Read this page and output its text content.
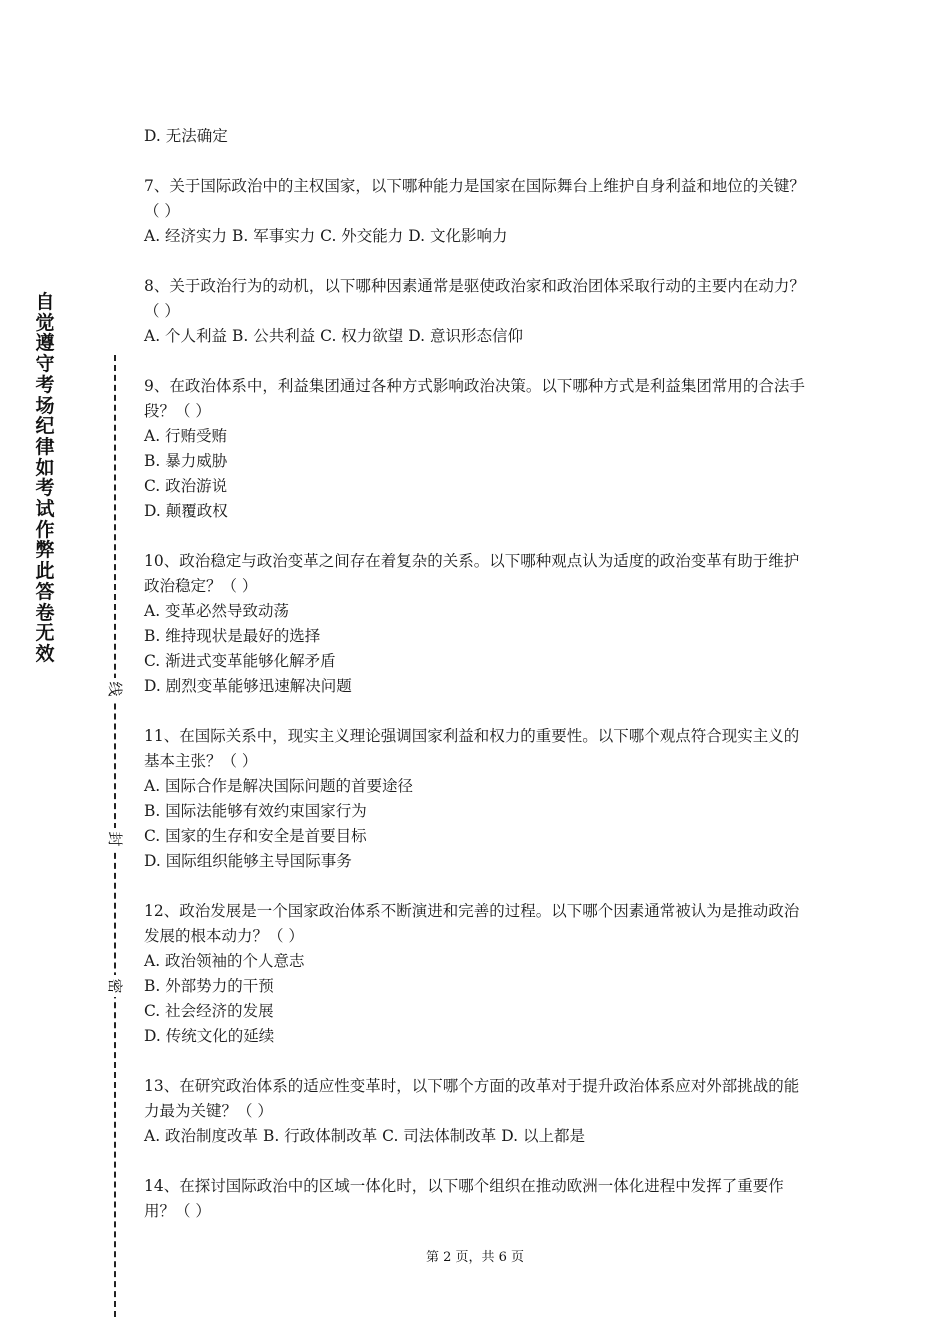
自觉遵守考场纪律如考试作弊此答卷无效
线
封
密
D. 无法确定

7、关于国际政治中的主权国家，以下哪种能力是国家在国际舞台上维护自身利益和地位的关键？（ ）

A. 经济实力 B. 军事实力 C. 外交能力 D. 文化影响力

8、关于政治行为的动机，以下哪种因素通常是驱使政治家和政治团体采取行动的主要内在动力？（ ）

A. 个人利益 B. 公共利益 C. 权力欲望 D. 意识形态信仰

9、在政治体系中，利益集团通过各种方式影响政治决策。以下哪种方式是利益集团常用的合法手段？（ ）

A. 行贿受贿
B. 暴力威胁
C. 政治游说
D. 颠覆政权

10、政治稳定与政治变革之间存在着复杂的关系。以下哪种观点认为适度的政治变革有助于维护政治稳定？（ ）

A. 变革必然导致动荡
B. 维持现状是最好的选择
C. 渐进式变革能够化解矛盾
D. 剧烈变革能够迅速解决问题

11、在国际关系中，现实主义理论强调国家利益和权力的重要性。以下哪个观点符合现实主义的基本主张？（ ）

A. 国际合作是解决国际问题的首要途径
B. 国际法能够有效约束国家行为
C. 国家的生存和安全是首要目标
D. 国际组织能够主导国际事务

12、政治发展是一个国家政治体系不断演进和完善的过程。以下哪个因素通常被认为是推动政治发展的根本动力？（ ）

A. 政治领袖的个人意志
B. 外部势力的干预
C. 社会经济的发展
D. 传统文化的延续

13、在研究政治体系的适应性变革时，以下哪个方面的改革对于提升政治体系应对外部挑战的能力最为关键？（ ）

A. 政治制度改革 B. 行政体制改革 C. 司法体制改革 D. 以上都是

14、在探讨国际政治中的区域一体化时，以下哪个组织在推动欧洲一体化进程中发挥了重要作用？（ ）

第 2 页，共 6 页
